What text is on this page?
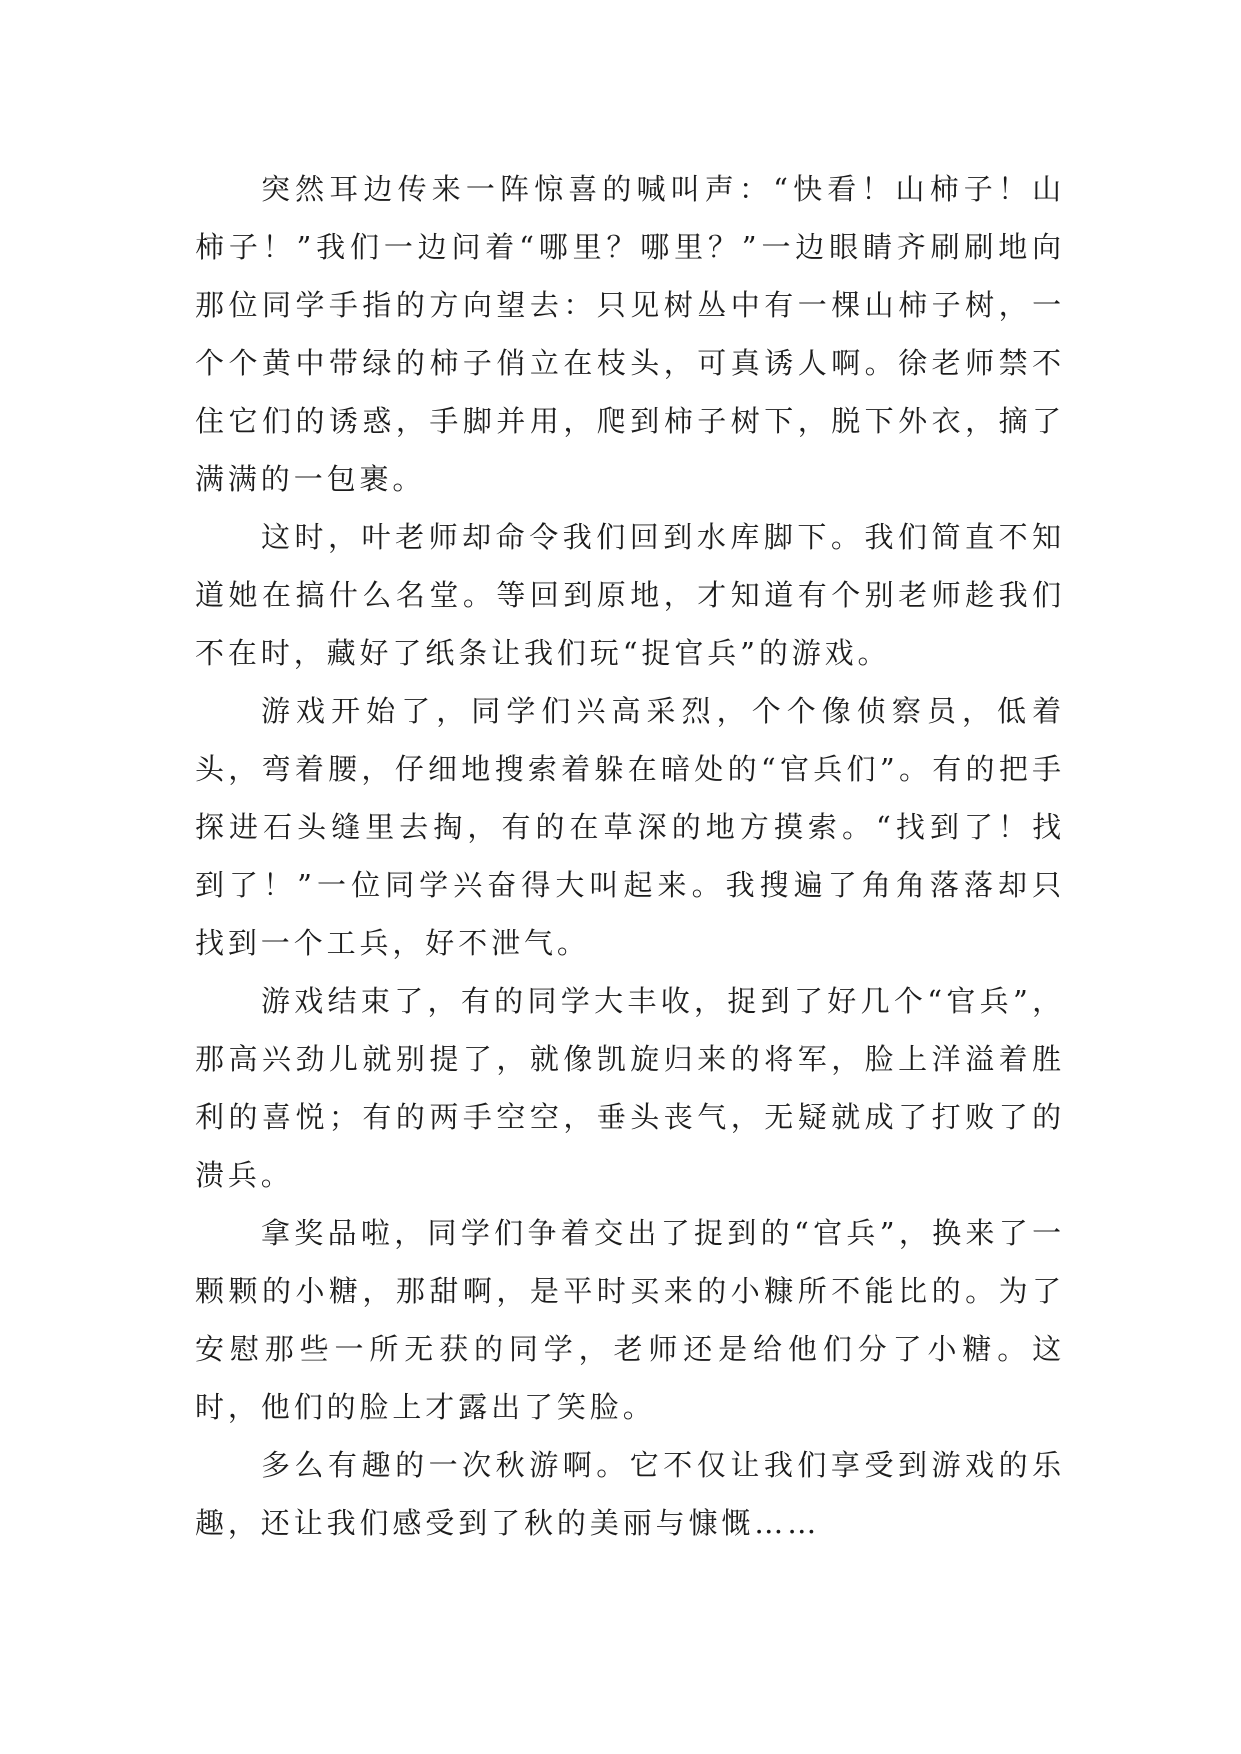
突然耳边传来一阵惊喜的喊叫声：“快看！山柿子！山柿子！”我们一边问着“哪里？哪里？”一边眼睛齐刷刷地向那位同学手指的方向望去：只见树丛中有一棵山柿子树，一个个黄中带绿的柿子俏立在枝头，可真诱人啊。徐老师禁不住它们的诱惑，手脚并用，爬到柿子树下，脱下外衣，摘了满满的一包裹。

这时，叶老师却命令我们回到水库脚下。我们简直不知道她在搞什么名堂。等回到原地，才知道有个别老师趁我们不在时，藏好了纸条让我们玩“捉官兵”的游戏。

游戏开始了，同学们兴高采烈，个个像侦察员，低着头，弯着腰，仔细地搜索着躲在暗处的“官兵们”。有的把手探进石头缝里去掏，有的在草深的地方摸索。“找到了！找到了！”一位同学兴奋得大叫起来。我搜遍了角角落落却只找到一个工兵，好不泄气。

游戏结束了，有的同学大丰收，捉到了好几个“官兵”，那高兴劲儿就别提了，就像凯旋归来的将军，脸上洋溢着胜利的喜悦；有的两手空空，垂头丧气，无疑就成了打败了的溃兵。

拿奖品啦，同学们争着交出了捉到的“官兵”，换来了一颗颗的小糖，那甜啊，是平时买来的小糠所不能比的。为了安慰那些一所无获的同学，老师还是给他们分了小糖。这时，他们的脸上才露出了笑脸。

多么有趣的一次秋游啊。它不仅让我们享受到游戏的乐趣，还让我们感受到了秋的美丽与慷慨……
